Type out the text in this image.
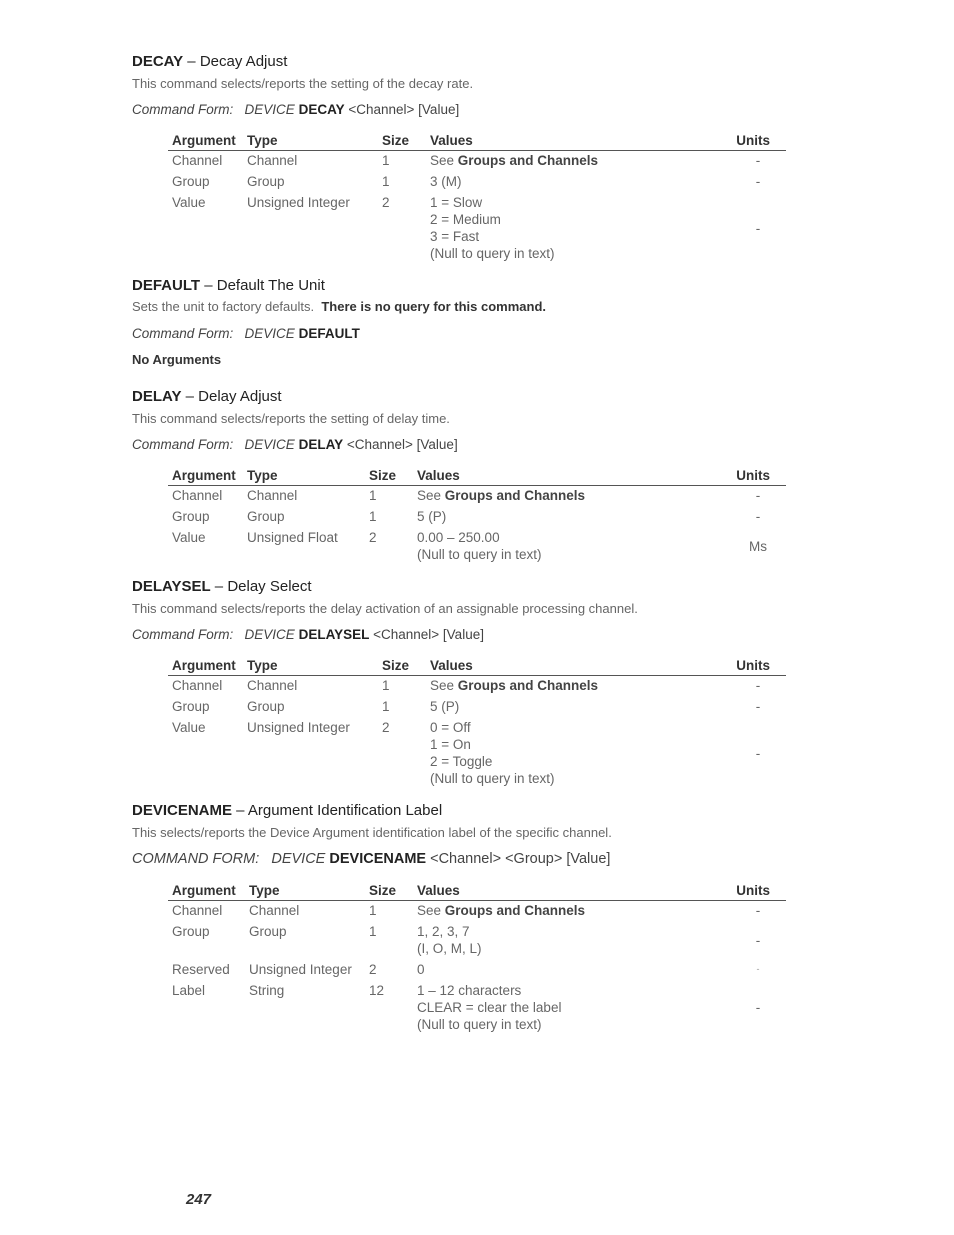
DECAY – Decay Adjust

This command selects/reports the setting of the decay rate.

Command Form: DEVICE DECAY <Channel> [Value]
Argument	Type	Size	Values	Units
Channel	Channel	1	See Groups and Channels	-
Group	Group	1	3 (M)	-
Value	Unsigned Integer	2	1 = Slow
2 = Medium
3 = Fast
(Null to query in text)	-

DEFAULT – Default The Unit

Sets the unit to factory defaults. There is no query for this command.

Command Form: DEVICE DEFAULT
No Arguments

DELAY – Delay Adjust

This command selects/reports the setting of delay time.

Command Form: DEVICE DELAY <Channel> [Value]
Argument	Type	Size	Values	Units
Channel	Channel	1	See Groups and Channels	-
Group	Group	1	5 (P)	-
Value	Unsigned Float	2	0.00 – 250.00
(Null to query in text)	Ms

DELAYSEL – Delay Select

This command selects/reports the delay activation of an assignable processing channel.

Command Form: DEVICE DELAYSEL <Channel> [Value]
Argument	Type	Size	Values	Units
Channel	Channel	1	See Groups and Channels	-
Group	Group	1	5 (P)	-
Value	Unsigned Integer	2	0 = Off
1 = On
2 = Toggle
(Null to query in text)	-

DEVICENAME – Argument Identification Label

This selects/reports the Device Argument identification label of the specific channel.

COMMAND FORM: DEVICE DEVICENAME <Channel> <Group> [Value]
Argument	Type	Size	Values	Units
Channel	Channel	1	See Groups and Channels	-
Group	Group	1	1, 2, 3, 7
(I, O, M, L)	-
Reserved	Unsigned Integer	2	0	-
Label	String	12	1 – 12 characters
CLEAR = clear the label
(Null to query in text)	-
247
